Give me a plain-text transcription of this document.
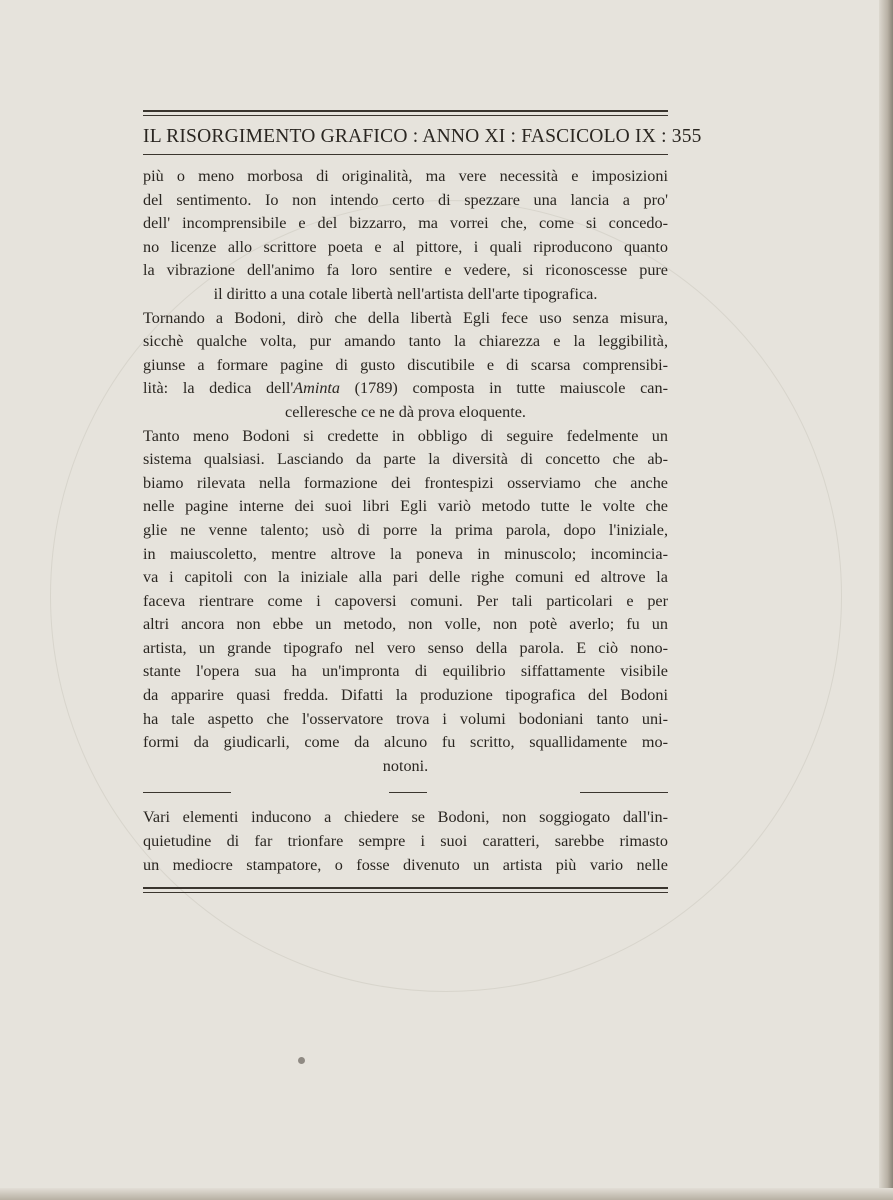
IL RISORGIMENTO GRAFICO : ANNO XI : FASCICOLO IX : 355
più o meno morbosa di originalità, ma vere necessità e imposizioni
del sentimento. Io non intendo certo di spezzare una lancia a pro'
dell' incomprensibile e del bizzarro, ma vorrei che, come si concedo-
no licenze allo scrittore poeta e al pittore, i quali riproducono quanto
la vibrazione dell'animo fa loro sentire e vedere, si riconoscesse pure
il diritto a una cotale libertà nell'artista dell'arte tipografica.
Tornando a Bodoni, dirò che della libertà Egli fece uso senza misura,
sicchè qualche volta, pur amando tanto la chiarezza e la leggibilità,
giunse a formare pagine di gusto discutibile e di scarsa comprensibi-
lità: la dedica dell'Aminta (1789) composta in tutte maiuscole can-
celleresche ce ne dà prova eloquente.
Tanto meno Bodoni si credette in obbligo di seguire fedelmente un
sistema qualsiasi. Lasciando da parte la diversità di concetto che ab-
biamo rilevata nella formazione dei frontespizi osserviamo che anche
nelle pagine interne dei suoi libri Egli variò metodo tutte le volte che
glie ne venne talento; usò di porre la prima parola, dopo l'iniziale,
in maiuscoletto, mentre altrove la poneva in minuscolo; incomincia-
va i capitoli con la iniziale alla pari delle righe comuni ed altrove la
faceva rientrare come i capoversi comuni. Per tali particolari e per
altri ancora non ebbe un metodo, non volle, non potè averlo; fu un
artista, un grande tipografo nel vero senso della parola. E ciò nono-
stante l'opera sua ha un'impronta di equilibrio siffattamente visibile
da apparire quasi fredda. Difatti la produzione tipografica del Bodoni
ha tale aspetto che l'osservatore trova i volumi bodoniani tanto uni-
formi da giudicarli, come da alcuno fu scritto, squallidamente mo-
notoni.
Vari elementi inducono a chiedere se Bodoni, non soggiogato dall'in-
quietudine di far trionfare sempre i suoi caratteri, sarebbe rimasto
un mediocre stampatore, o fosse divenuto un artista più vario nelle
